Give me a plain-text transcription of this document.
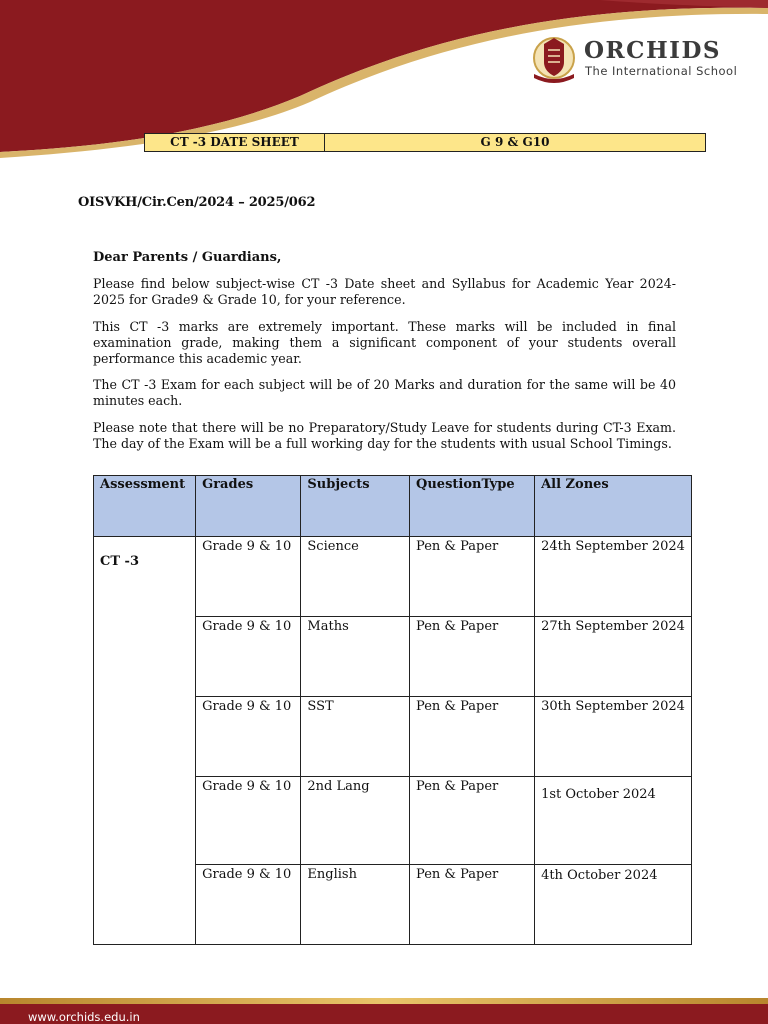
ORCHIDS
The International School
CT -3 DATE SHEET	G 9 & G10
OISVKH/Cir.Cen/2024 – 2025/062
Dear Parents / Guardians,

Please find below subject-wise CT -3 Date sheet and Syllabus for Academic Year 2024-2025 for Grade9 & Grade 10, for your reference.

This CT -3 marks are extremely important. These marks will be included in final examination grade, making them a significant component of your students overall performance this academic year.

The CT -3 Exam for each subject will be of 20 Marks and duration for the same will be 40 minutes each.

Please note that there will be no Preparatory/Study Leave for students during CT-3 Exam. The day of the Exam will be a full working day for the students with usual School Timings.

Assessment	Grades	Subjects	QuestionType	All Zones
CT -3	Grade 9 & 10	Science	Pen & Paper	24th September 2024
	Grade 9 & 10	Maths	Pen & Paper	27th September 2024
	Grade 9 & 10	SST	Pen & Paper	30th September 2024
	Grade 9 & 10	2nd Lang	Pen & Paper	1st October 2024
	Grade 9 & 10	English	Pen & Paper	4th October 2024
www.orchids.edu.in
